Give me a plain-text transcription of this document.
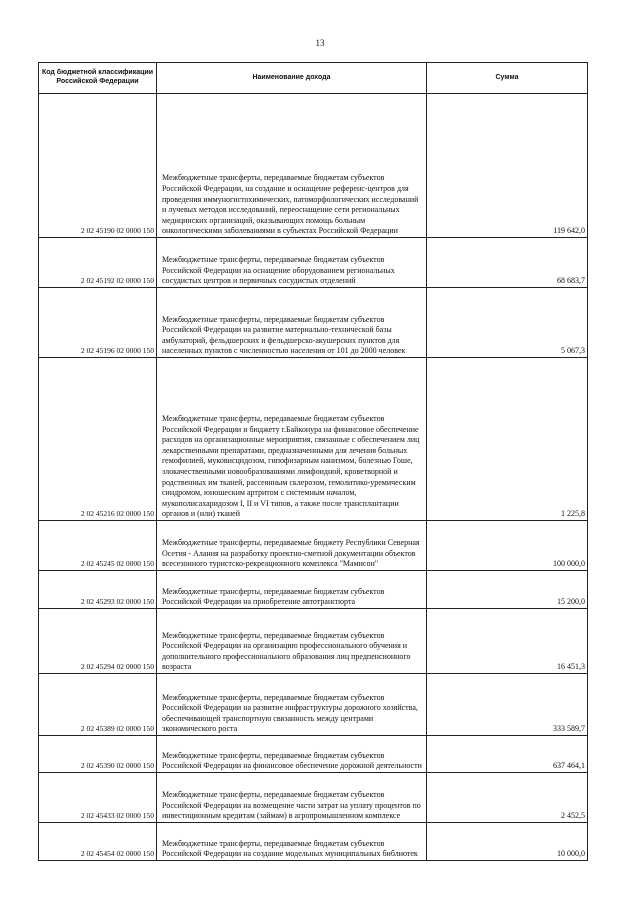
13
Код бюджетной классификации Российской Федерации	Наименование дохода	Сумма
2 02 45190 02 0000 150	Межбюджетные трансферты, передаваемые бюджетам субъектов Российской Федерации, на создание и оснащение референс-центров для проведения иммуногистохимических, патоморфологических исследований и лучевых методов исследований, переоснащение сети региональных медицинских организаций, оказывающих помощь больным онкологическими заболеваниями в субъектах Российской Федерации	119 642,0
2 02 45192 02 0000 150	Межбюджетные трансферты, передаваемые бюджетам субъектов Российской Федерации на оснащение оборудованием региональных сосудистых центров и первичных сосудистых отделений	68 683,7
2 02 45196 02 0000 150	Межбюджетные трансферты, передаваемые бюджетам субъектов Российской Федерации на развитие материально-технической базы амбулаторий, фельдшерских и фельдшерско-акушерских пунктов для населенных пунктов с численностью населения от 101 до 2000 человек	5 067,3
2 02 45216 02 0000 150	Межбюджетные трансферты, передаваемые бюджетам субъектов Российской Федерации и бюджету г.Байконура на финансовое обеспечение расходов на организационные мероприятия, связанные с обеспечением лиц лекарственными препаратами, предназначенными для лечения больных гемофилией, муковисцидозом, гипофизарным нанизмом, болезнью Гоше, злокачественными новообразованиями лимфоидной, кроветворной и родственных им тканей, рассеянным склерозом, гемолитико-уремическим синдромом, юношеским артритом с системным началом, мукополисахаридозом I, II и VI типов, а также после трансплантации органов и (или) тканей	1 225,8
2 02 45245 02 0000 150	Межбюджетные трансферты, передаваемые бюджету Республики Северная Осетия - Алания на разработку проектно-сметной документации объектов всесезонного туристско-рекреационного комплекса "Мамисон"	100 000,0
2 02 45293 02 0000 150	Межбюджетные трансферты, передаваемые бюджетам субъектов Российской Федерации на приобретение автотранспорта	15 200,0
2 02 45294 02 0000 150	Межбюджетные трансферты, передаваемые бюджетам субъектов Российской Федерации на организацию профессионального обучения и дополнительного профессионального образования лиц предпенсионного возраста	16 451,3
2 02 45389 02 0000 150	Межбюджетные трансферты, передаваемые бюджетам субъектов Российской Федерации на развитие инфраструктуры дорожного хозяйства, обеспечивающей транспортную связанность между центрами экономического роста	333 589,7
2 02 45390 02 0000 150	Межбюджетные трансферты, передаваемые бюджетам субъектов Российской Федерации на финансовое обеспечение дорожной деятельности	637 464,1
2 02 45433 02 0000 150	Межбюджетные трансферты, передаваемые бюджетам субъектов Российской Федерации на возмещение части затрат на уплату процентов по инвестиционным кредитам (займам) в агропромышленном комплексе	2 452,5
2 02 45454 02 0000 150	Межбюджетные трансферты, передаваемые бюджетам субъектов Российской Федерации на создание модельных муниципальных библиотек	10 000,0
